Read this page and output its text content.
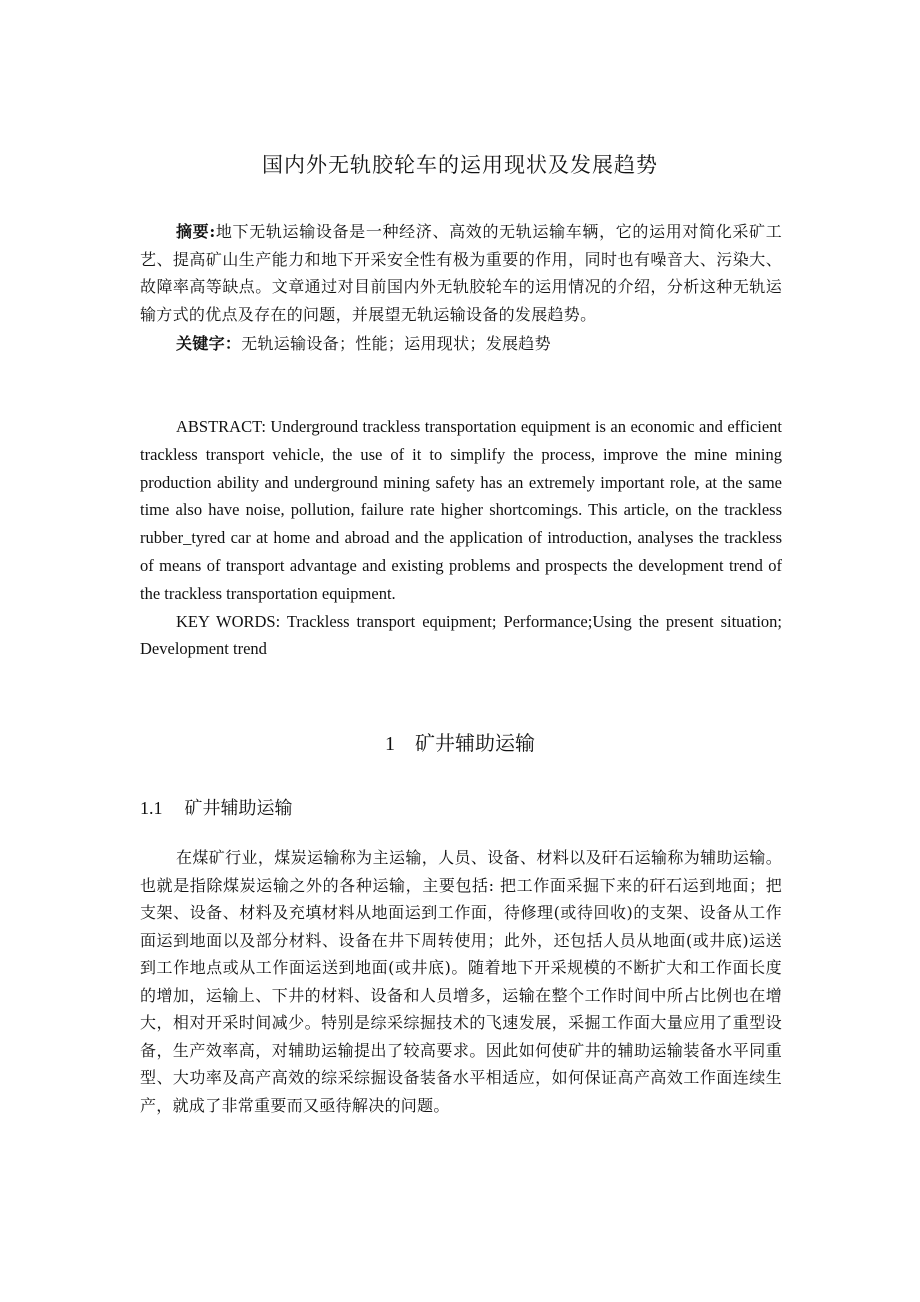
国内外无轨胶轮车的运用现状及发展趋势

摘要:地下无轨运输设备是一种经济、高效的无轨运输车辆，它的运用对简化采矿工艺、提高矿山生产能力和地下开采安全性有极为重要的作用，同时也有噪音大、污染大、故障率高等缺点。文章通过对目前国内外无轨胶轮车的运用情况的介绍，分析这种无轨运输方式的优点及存在的问题，并展望无轨运输设备的发展趋势。

关键字：无轨运输设备；性能；运用现状；发展趋势

ABSTRACT: Underground trackless transportation equipment is an economic and efficient trackless transport vehicle, the use of it to simplify the process, improve the mine mining production ability and underground mining safety has an extremely important role, at the same time also have noise, pollution, failure rate higher shortcomings. This article, on the trackless rubber_tyred car at home and abroad and the application of introduction, analyses the trackless of means of transport advantage and existing problems and prospects the development trend of the trackless transportation equipment.

KEY WORDS: Trackless transport equipment; Performance;Using the present situation; Development trend

1 矿井辅助运输
1.1 矿井辅助运输

在煤矿行业，煤炭运输称为主运输，人员、设备、材料以及矸石运输称为辅助运输。也就是指除煤炭运输之外的各种运输，主要包括: 把工作面采掘下来的矸石运到地面；把支架、设备、材料及充填材料从地面运到工作面，待修理(或待回收)的支架、设备从工作面运到地面以及部分材料、设备在井下周转使用；此外，还包括人员从地面(或井底)运送到工作地点或从工作面运送到地面(或井底)。随着地下开采规模的不断扩大和工作面长度的增加，运输上、下井的材料、设备和人员增多，运输在整个工作时间中所占比例也在增大，相对开采时间减少。特别是综采综掘技术的飞速发展，采掘工作面大量应用了重型设备，生产效率高，对辅助运输提出了较高要求。因此如何使矿井的辅助运输装备水平同重型、大功率及高产高效的综采综掘设备装备水平相适应，如何保证高产高效工作面连续生产，就成了非常重要而又亟待解决的问题。
